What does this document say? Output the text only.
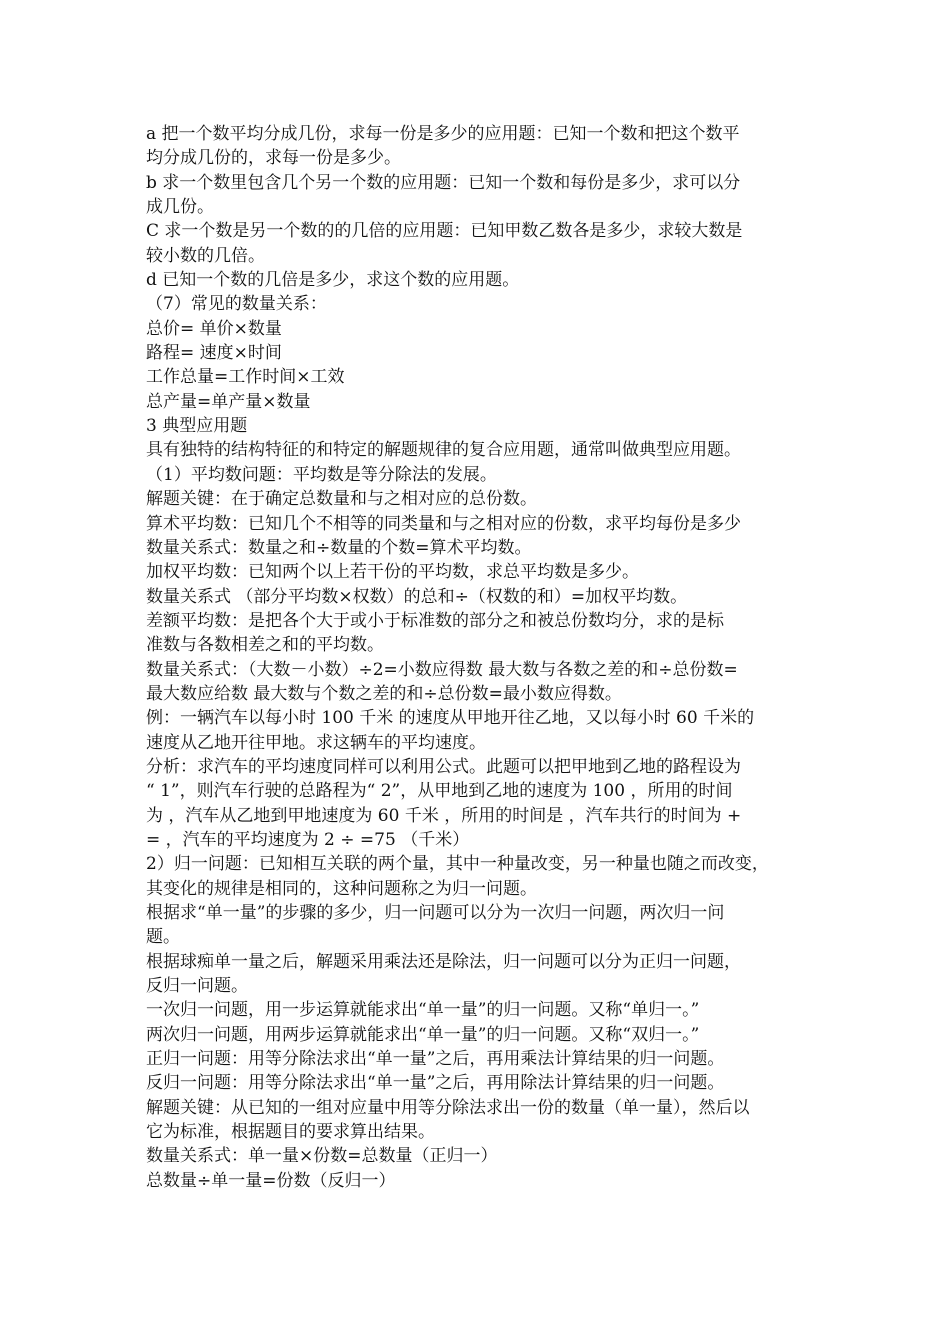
a 把一个数平均分成几份，求每一份是多少的应用题：已知一个数和把这个数平
均分成几份的，求每一份是多少。
b 求一个数里包含几个另一个数的应用题：已知一个数和每份是多少，求可以分
成几份。
C 求一个数是另一个数的的几倍的应用题：已知甲数乙数各是多少，求较大数是
较小数的几倍。
d 已知一个数的几倍是多少，求这个数的应用题。
（7）常见的数量关系：
总价= 单价×数量
路程= 速度×时间
工作总量=工作时间×工效
总产量=单产量×数量
3 典型应用题
具有独特的结构特征的和特定的解题规律的复合应用题，通常叫做典型应用题。
（1）平均数问题：平均数是等分除法的发展。
解题关键：在于确定总数量和与之相对应的总份数。
算术平均数：已知几个不相等的同类量和与之相对应的份数，求平均每份是多少
数量关系式：数量之和÷数量的个数=算术平均数。
加权平均数：已知两个以上若干份的平均数，求总平均数是多少。
数量关系式 （部分平均数×权数）的总和÷（权数的和）=加权平均数。
差额平均数：是把各个大于或小于标准数的部分之和被总份数均分，求的是标
准数与各数相差之和的平均数。
数量关系式：（大数－小数）÷2=小数应得数 最大数与各数之差的和÷总份数=
最大数应给数 最大数与个数之差的和÷总份数=最小数应得数。
例：一辆汽车以每小时 100 千米 的速度从甲地开往乙地，又以每小时 60 千米的
速度从乙地开往甲地。求这辆车的平均速度。
分析：求汽车的平均速度同样可以利用公式。此题可以把甲地到乙地的路程设为
“ 1”，则汽车行驶的总路程为“ 2”，从甲地到乙地的速度为 100 ，所用的时间
为 ，汽车从乙地到甲地速度为 60 千米 ，所用的时间是 ，汽车共行的时间为 +
= ，汽车的平均速度为 2 ÷ =75 （千米）
2）归一问题：已知相互关联的两个量，其中一种量改变，另一种量也随之而改变，
其变化的规律是相同的，这种问题称之为归一问题。
根据求“单一量”的步骤的多少，归一问题可以分为一次归一问题，两次归一问
题。
根据球痴单一量之后，解题采用乘法还是除法，归一问题可以分为正归一问题，
反归一问题。
一次归一问题，用一步运算就能求出“单一量”的归一问题。又称“单归一。”
两次归一问题，用两步运算就能求出“单一量”的归一问题。又称“双归一。”
正归一问题：用等分除法求出“单一量”之后，再用乘法计算结果的归一问题。
反归一问题：用等分除法求出“单一量”之后，再用除法计算结果的归一问题。
解题关键：从已知的一组对应量中用等分除法求出一份的数量（单一量），然后以
它为标准，根据题目的要求算出结果。
数量关系式：单一量×份数=总数量（正归一）
总数量÷单一量=份数（反归一）
